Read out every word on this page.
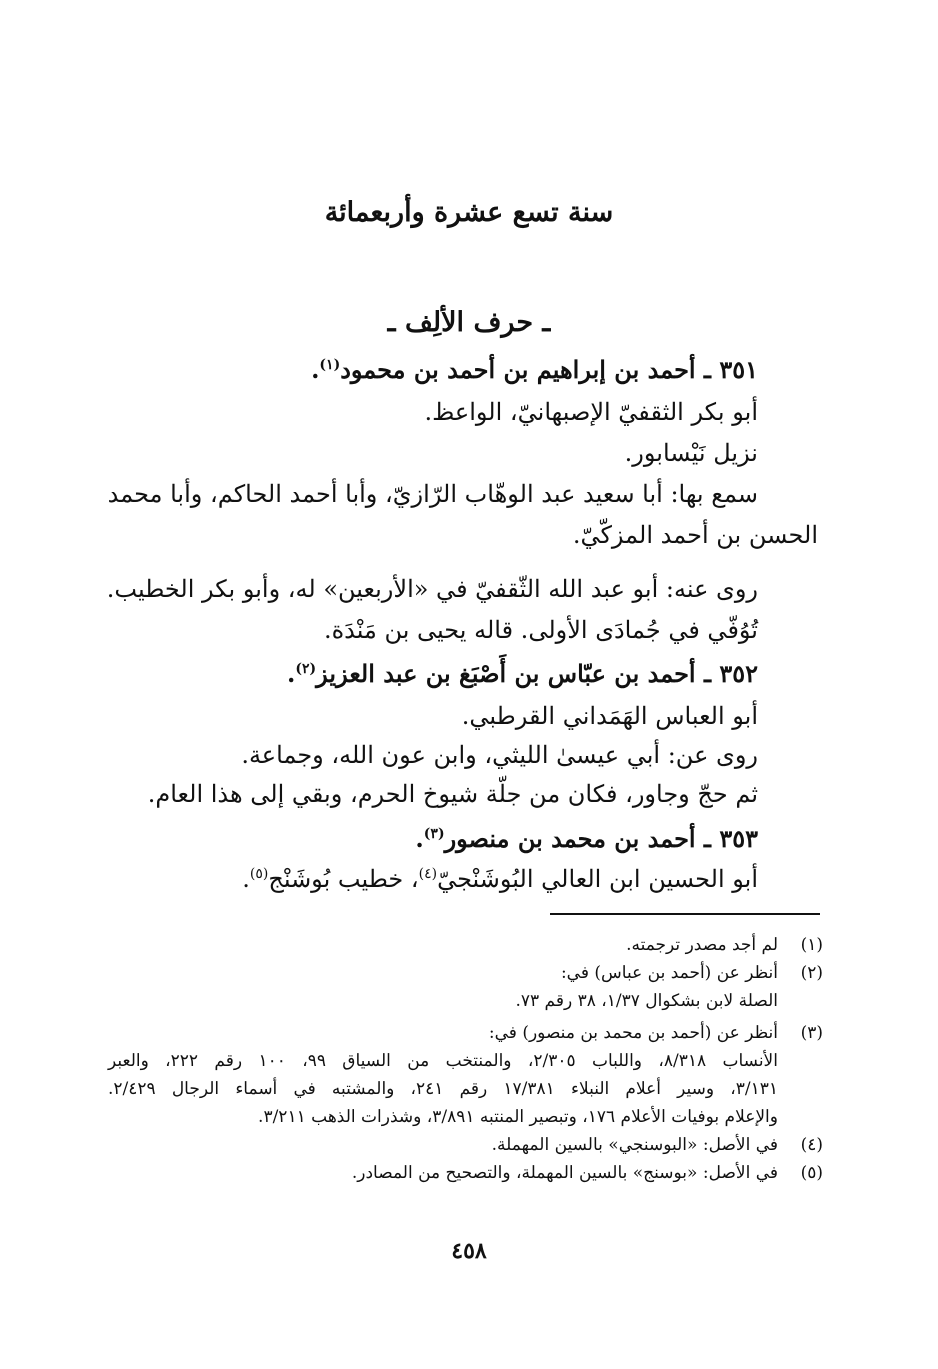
سنة تسع عشرة وأربعمائة
ـ حرف الألِف ـ
٣٥١ ـ أحمد بن إبراهيم بن أحمد بن محمود$^{(١)}$.
أبو بكر الثقفيّ الإصبهانيّ، الواعظ.
نزيل نَيْسابور.
سمع بها: أبا سعيد عبد الوهّاب الرّازيّ، وأبا أحمد الحاكم، وأبا محمد
الحسن بن أحمد المزكّيّ.
روى عنه: أبو عبد الله الثّقفيّ في «الأربعين» له، وأبو بكر الخطيب.
تُوُفّي في جُمادَى الأولى. قاله يحيى بن مَنْدَة.
٣٥٢ ـ أحمد بن عبّاس بن أَصْبَغ بن عبد العزيز$^{(٢)}$.
أبو العباس الهَمَداني القرطبي.
روى عن: أبي عيسىٰ الليثي، وابن عون الله، وجماعة.
ثم حجّ وجاور، فكان من جلّة شيوخ الحرم، وبقي إلى هذا العام.
٣٥٣ ـ أحمد بن محمد بن منصور$^{(٣)}$.
أبو الحسين ابن العالي البُوشَنْجيّ$^{(٤)}$، خطيب بُوشَنْج$^{(٥)}$.
(١)
لم أجد مصدر ترجمته.
(٢)
أنظر عن (أحمد بن عباس) في:
الصلة لابن بشكوال ١/٣٧، ٣٨ رقم ٧٣.
(٣)
أنظر عن (أحمد بن محمد بن منصور) في:
الأنساب ٨/٣١٨، واللباب ٢/٣٠٥، والمنتخب من السياق ٩٩، ١٠٠ رقم ٢٢٢، والعبر
٣/١٣١، وسير أعلام النبلاء ١٧/٣٨١ رقم ٢٤١، والمشتبه في أسماء الرجال ٢/٤٢٩.
والإعلام بوفيات الأعلام ١٧٦، وتبصير المنتبه ٣/٨٩١، وشذرات الذهب ٣/٢١١.
(٤)
في الأصل: «البوسنجي» بالسين المهملة.
(٥)
في الأصل: «بوسنج» بالسين المهملة، والتصحيح من المصادر.
٤٥٨
